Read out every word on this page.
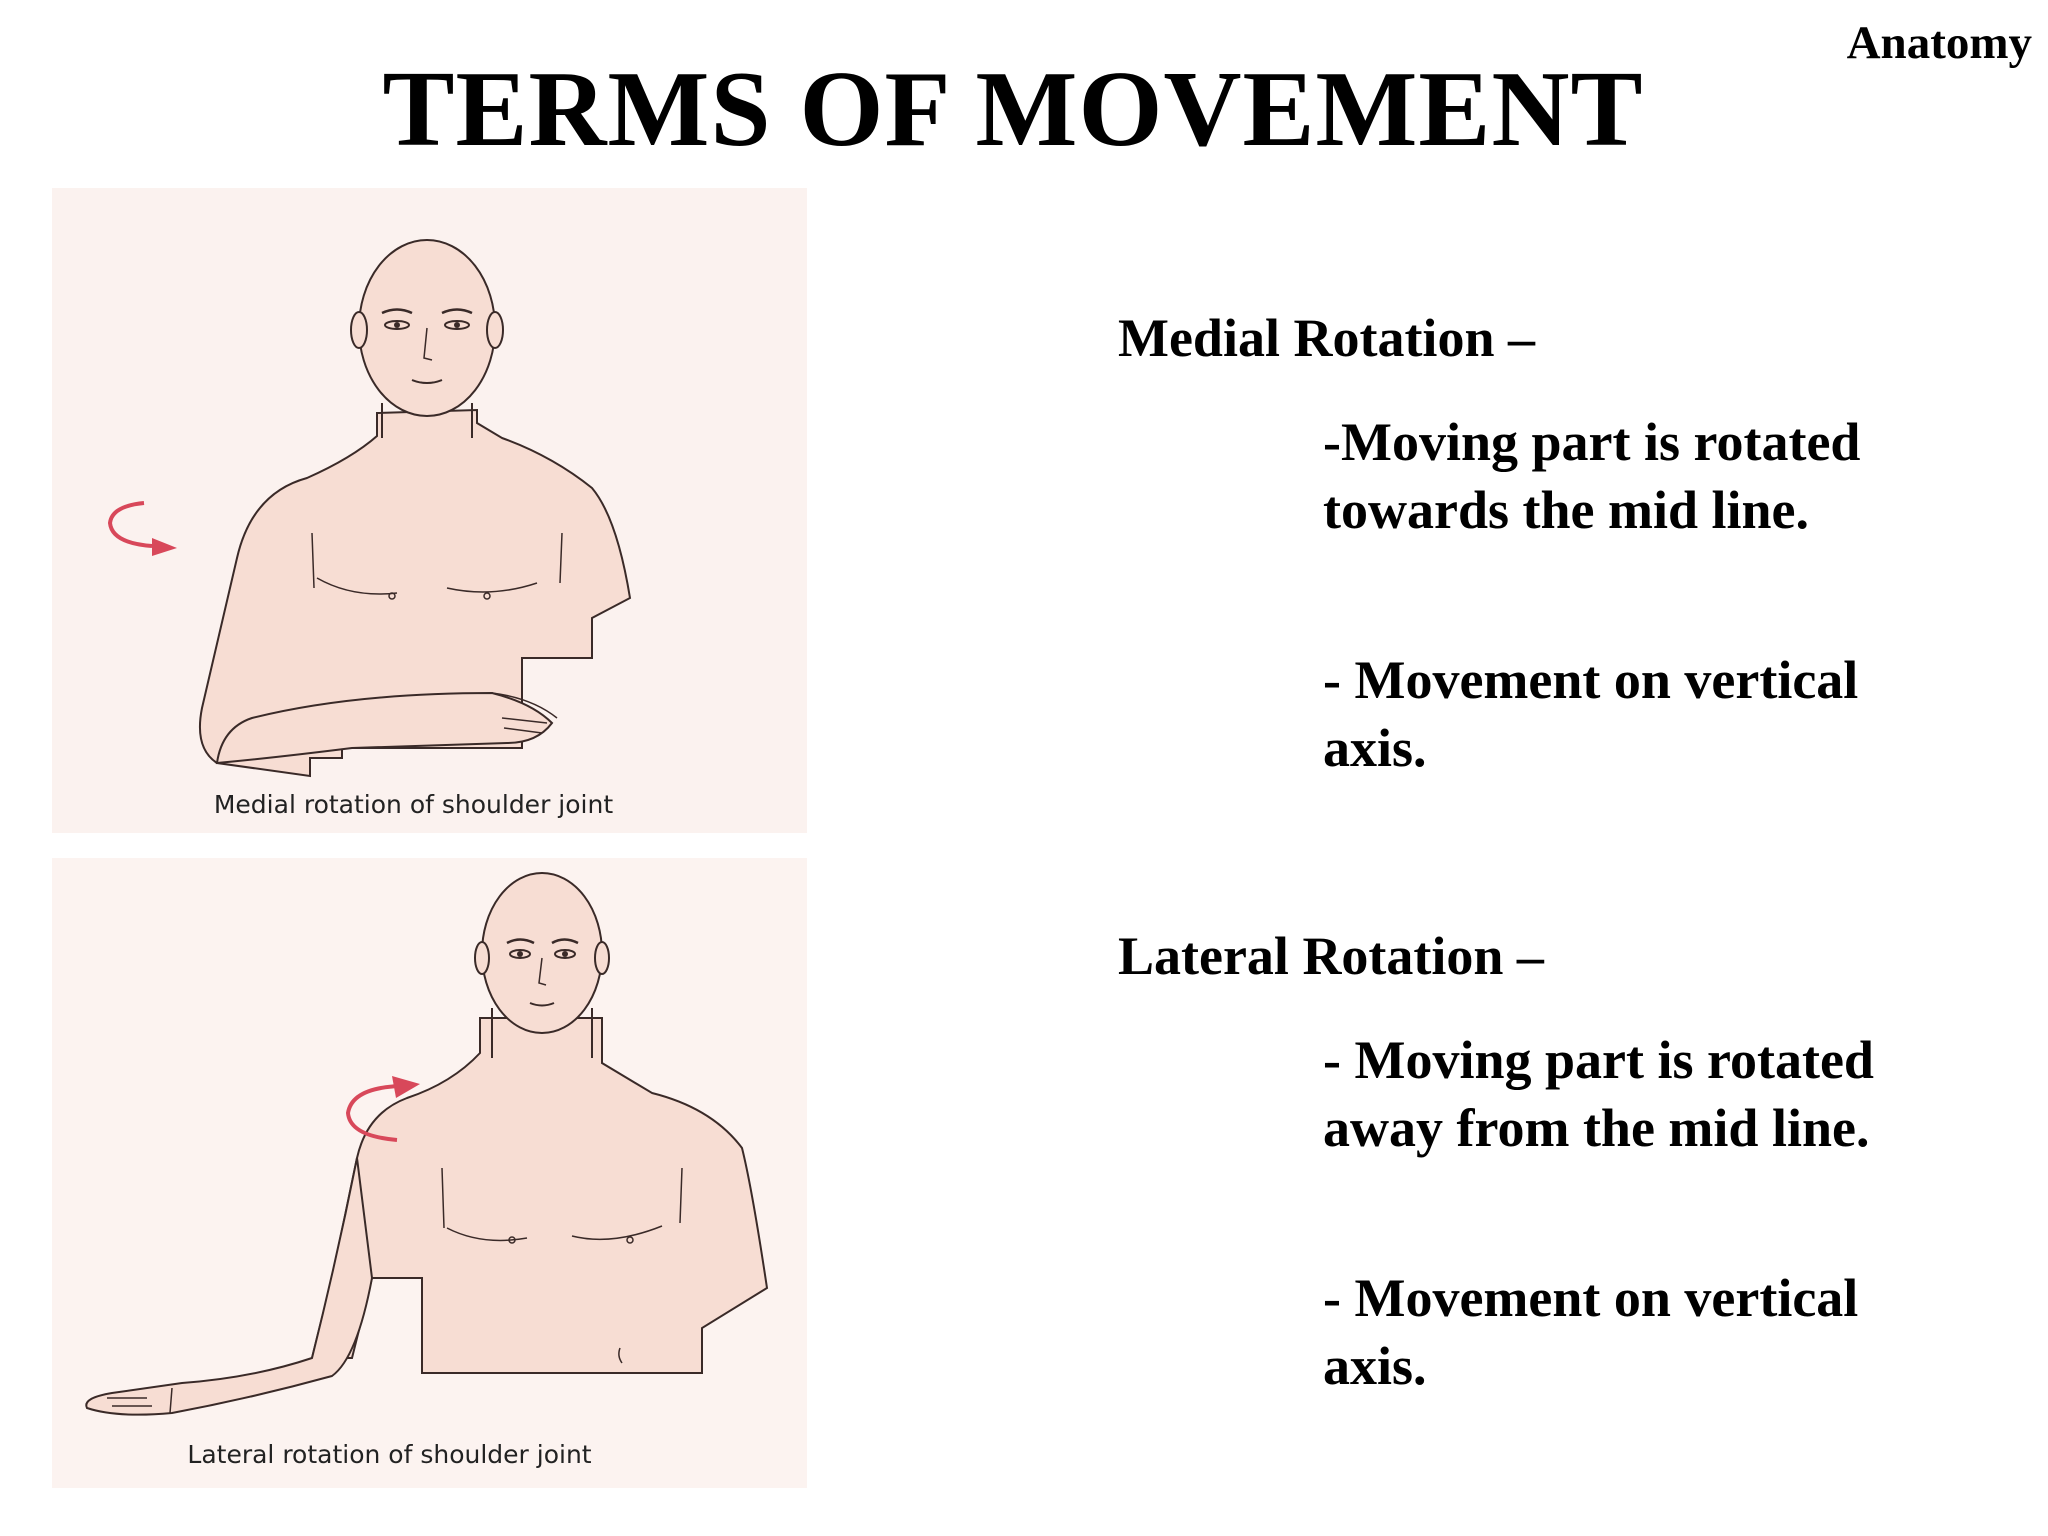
Anatomy
TERMS OF MOVEMENT
Medial rotation of shoulder joint
Lateral rotation of shoulder joint
Medial Rotation –
-Moving part is rotated towards the mid line.
- Movement on vertical axis.
Lateral Rotation –
- Moving part is rotated away from the mid line.
- Movement on vertical axis.
